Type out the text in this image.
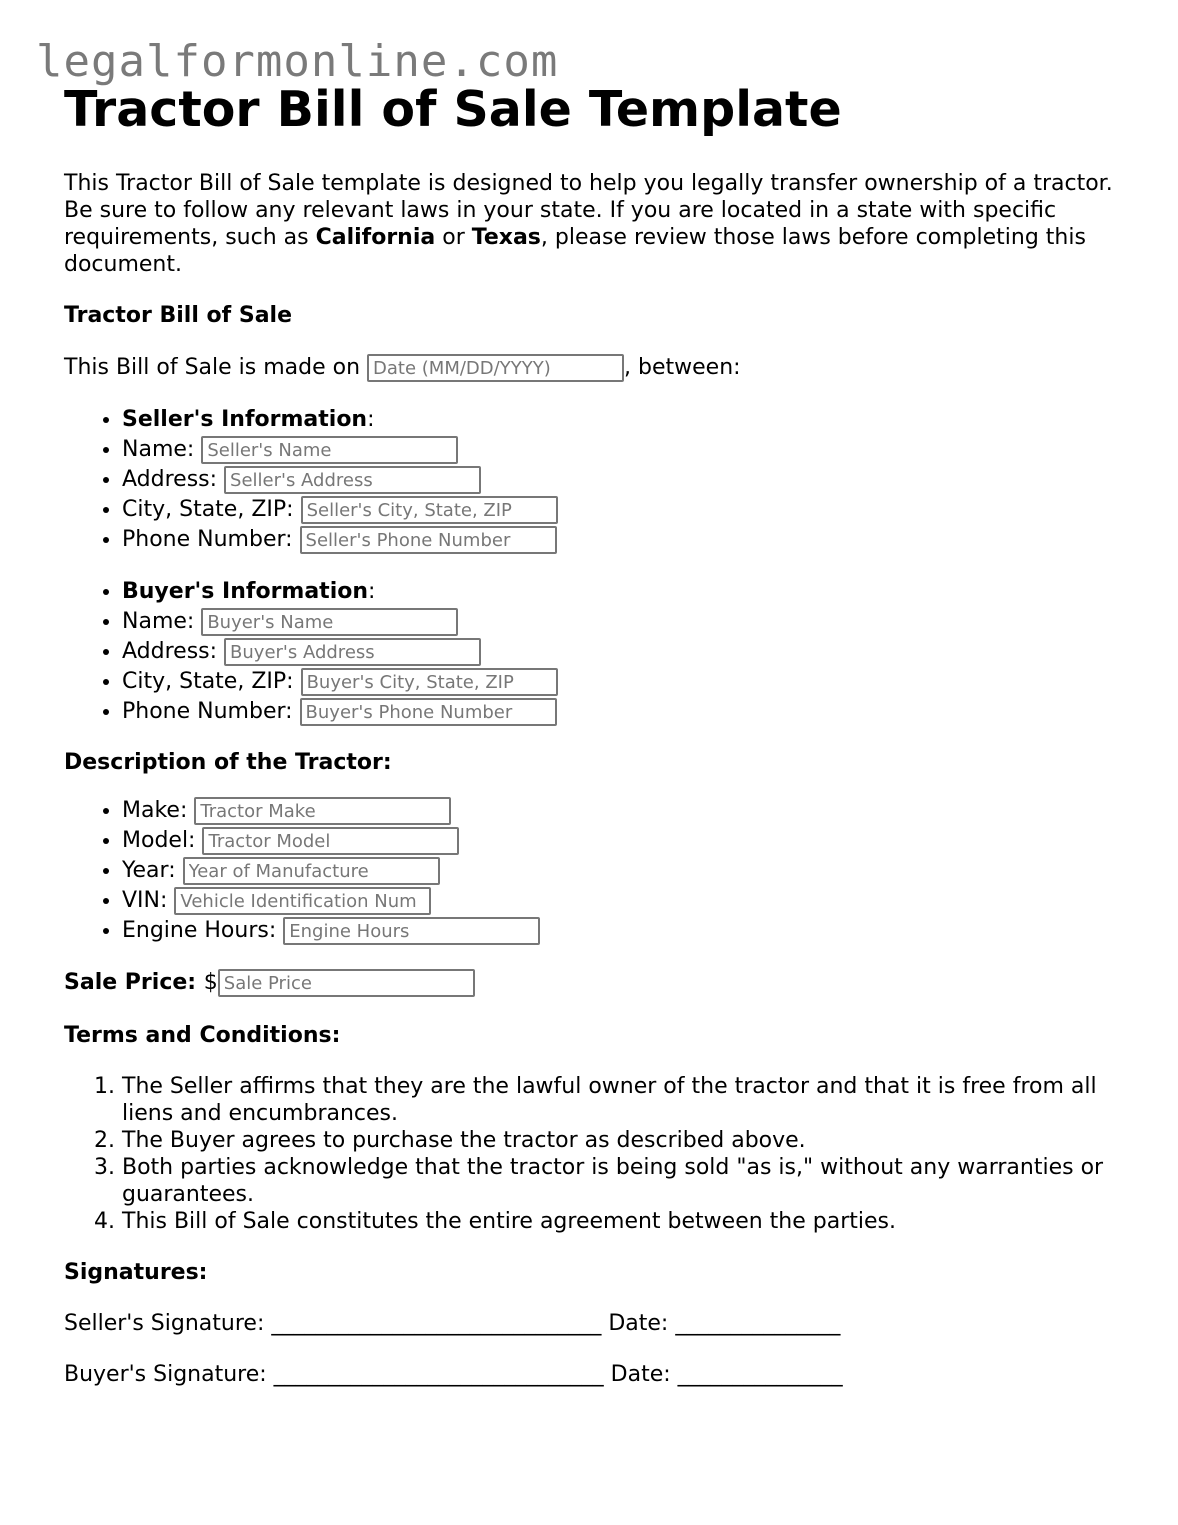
legalformonline.com
Tractor Bill of Sale Template

This Tractor Bill of Sale template is designed to help you legally transfer ownership of a tractor. Be sure to follow any relevant laws in your state. If you are located in a state with specific requirements, such as California or Texas, please review those laws before completing this document.

Tractor Bill of Sale
This Bill of Sale is made on Date (MM/DD/YYYY)	, between:
• Seller's Information:
• Name: Seller's Name
• Address: Seller's Address
• City, State, ZIP: Seller's City, State, ZIP
• Phone Number: Seller's Phone Number
• Buyer's Information:
• Name: Buyer's Name
• Address: Buyer's Address
• City, State, ZIP: Buyer's City, State, ZIP
• Phone Number: Buyer's Phone Number
Description of the Tractor:
• Make: Tractor Make
• Model: Tractor Model
• Year: Year of Manufacture
• VIN: Vehicle Identification Num
• Engine Hours: Engine Hours
Sale Price: $Sale Price
Terms and Conditions:
1. The Seller affirms that they are the lawful owner of the tractor and that it is free from all liens and encumbrances.
2. The Buyer agrees to purchase the tractor as described above.
3. Both parties acknowledge that the tractor is being sold "as is," without any warranties or guarantees.
4. This Bill of Sale constitutes the entire agreement between the parties.
Signatures:
Seller's Signature: ______________________________ Date: _______________
Buyer's Signature: ______________________________ Date: _______________
